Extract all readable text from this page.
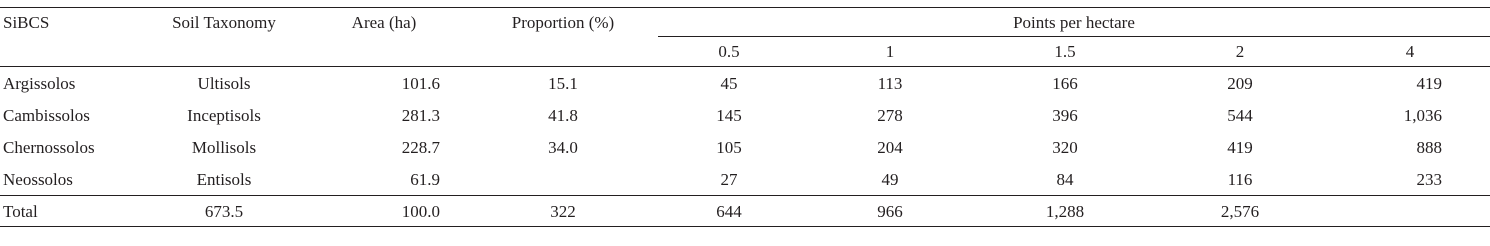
SiBCS	Soil Taxonomy	Area (ha)	Proportion (%)	Points per hectare				
				0.5	1	1.5	2	4
Argissolos	Ultisols	101.6	15.1	45	113	166	209	419
Cambissolos	Inceptisols	281.3	41.8	145	278	396	544	1,036
Chernossolos	Mollisols	228.7	34.0	105	204	320	419	888
Neossolos	Entisols	61.9		27	49	84	116	233
Total	673.5	100.0	322	644	966	1,288	2,576	
